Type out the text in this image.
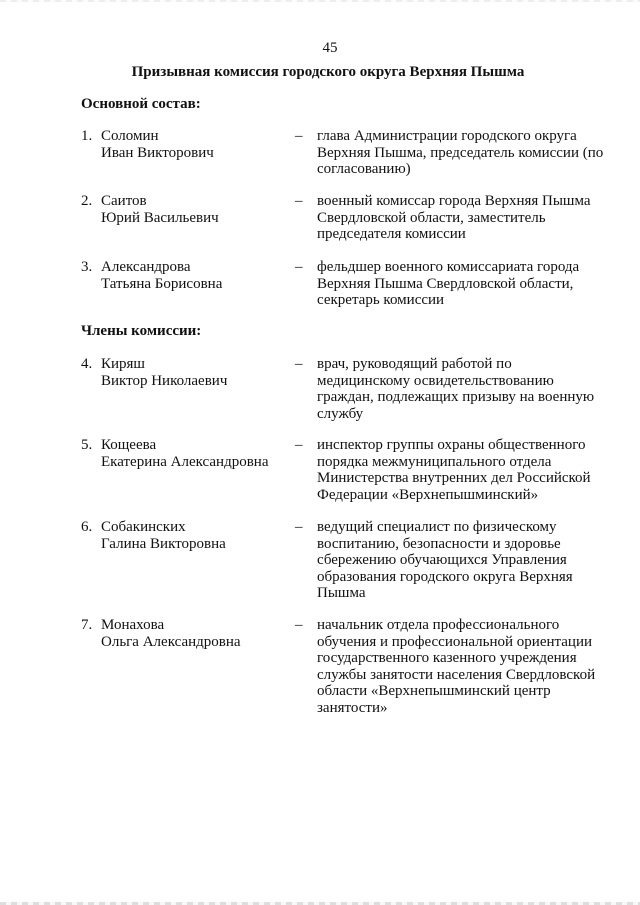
45
Призывная комиссия городского округа Верхняя Пышма
Основной состав:
1. Соломин
Иван Викторович
– глава Администрации городского округа Верхняя Пышма, председатель комиссии (по согласованию)
2. Саитов
Юрий Васильевич
– военный комиссар города Верхняя Пышма Свердловской области, заместитель председателя комиссии
3. Александрова
Татьяна Борисовна
– фельдшер военного комиссариата города Верхняя Пышма Свердловской области, секретарь комиссии
Члены комиссии:
4. Киряш
Виктор Николаевич
– врач, руководящий работой по медицинскому освидетельствованию граждан, подлежащих призыву на военную службу
5. Кощеева
Екатерина Александровна
– инспектор группы охраны общественного порядка межмуниципального отдела Министерства внутренних дел Российской Федерации «Верхнепышминский»
6. Собакинских
Галина Викторовна
– ведущий специалист по физическому воспитанию, безопасности и здоровье сбережению обучающихся Управления образования городского округа Верхняя Пышма
7. Монахова
Ольга Александровна
– начальник отдела профессионального обучения и профессиональной ориентации государственного казенного учреждения службы занятости населения Свердловской области «Верхнепышминский центр занятости»
